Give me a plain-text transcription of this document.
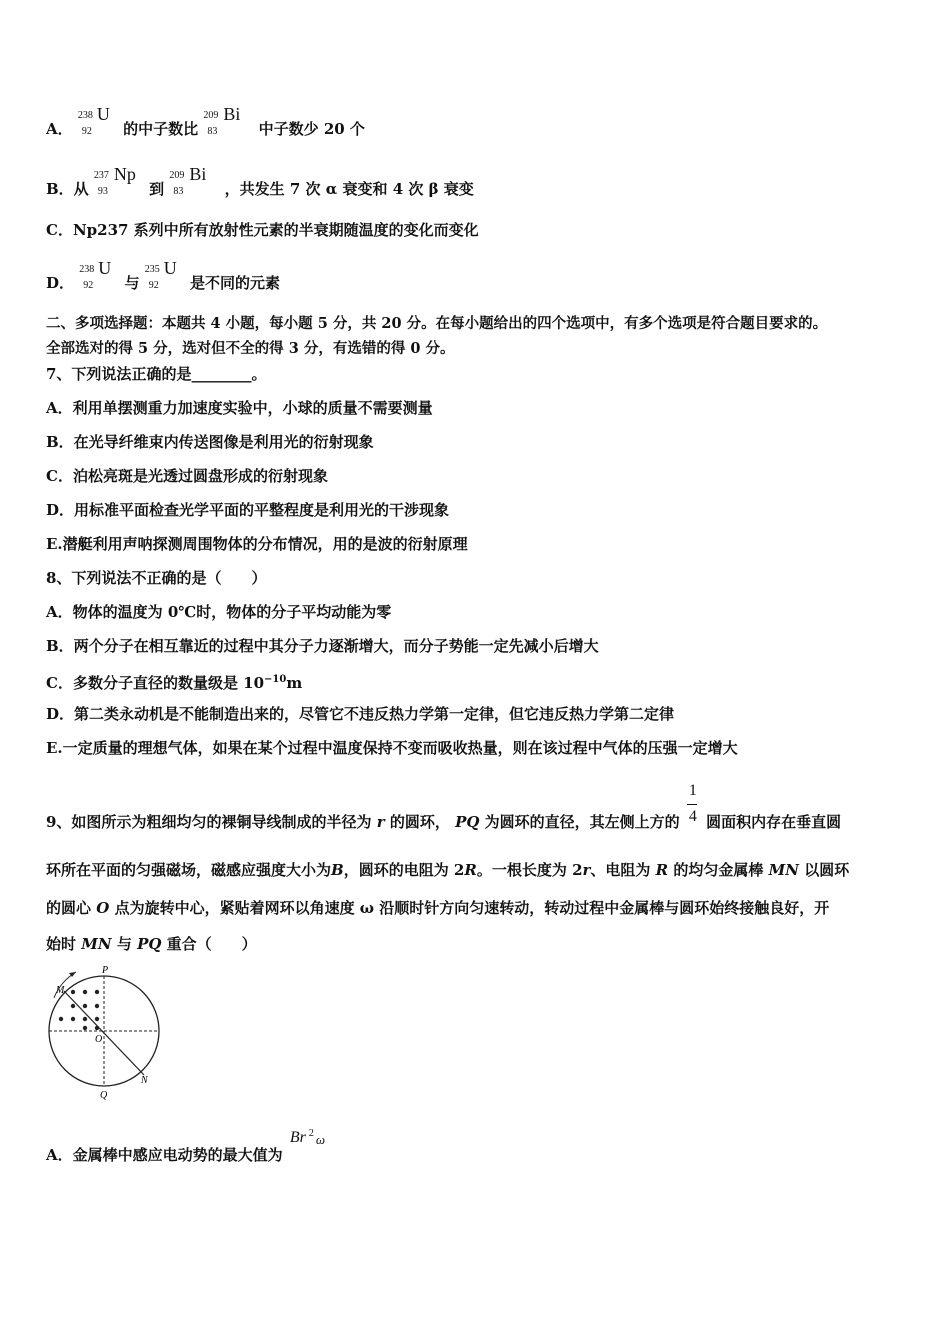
A．
238
92
U
的中子数比
209
83
Bi
中子数少 20 个
B．从
237
93
Np
到
209
83
Bi
，共发生 7 次 α 衰变和 4 次 β 衰变
C．Np237 系列中所有放射性元素的半衰期随温度的变化而变化
D．
238
92
U
与
235
92
U
是不同的元素
二、多项选择题：本题共 4 小题，每小题 5 分，共 20 分。在每小题给出的四个选项中，有多个选项是符合题目要求的。
全部选对的得 5 分，选对但不全的得 3 分，有选错的得 0 分。
7、下列说法正确的是________。
A．利用单摆测重力加速度实验中，小球的质量不需要测量
B．在光导纤维束内传送图像是利用光的衍射现象
C．泊松亮斑是光透过圆盘形成的衍射现象
D．用标准平面检查光学平面的平整程度是利用光的干涉现象
E.潜艇利用声呐探测周围物体的分布情况，用的是波的衍射原理
8、下列说法不正确的是（　　）
A．物体的温度为 0℃时，物体的分子平均动能为零
B．两个分子在相互靠近的过程中其分子力逐渐增大，而分子势能一定先减小后增大
C．多数分子直径的数量级是 $10^{-10}m$
D．第二类永动机是不能制造出来的，尽管它不违反热力学第一定律，但它违反热力学第二定律
E.一定质量的理想气体，如果在某个过程中温度保持不变而吸收热量，则在该过程中气体的压强一定增大
9、如图所示为粗细均匀的裸铜导线制成的半径为 r 的圆环， PQ 为圆环的直径，其左侧上方的 $\frac{1}{4}$ 圆面积内存在垂直圆
环所在平面的匀强磁场，磁感应强度大小为B，圆环的电阻为 2R。一根长度为 2r、电阻为 R 的均匀金属棒 MN 以圆环
的圆心 O 点为旋转中心，紧贴着网环以角速度 ω 沿顺时针方向匀速转动，转动过程中金属棒与圆环始终接触良好，开
始时 MN 与 PQ 重合（　　）
P
Q
M
N
O
A．金属棒中感应电动势的最大值为
Br 2 ω
